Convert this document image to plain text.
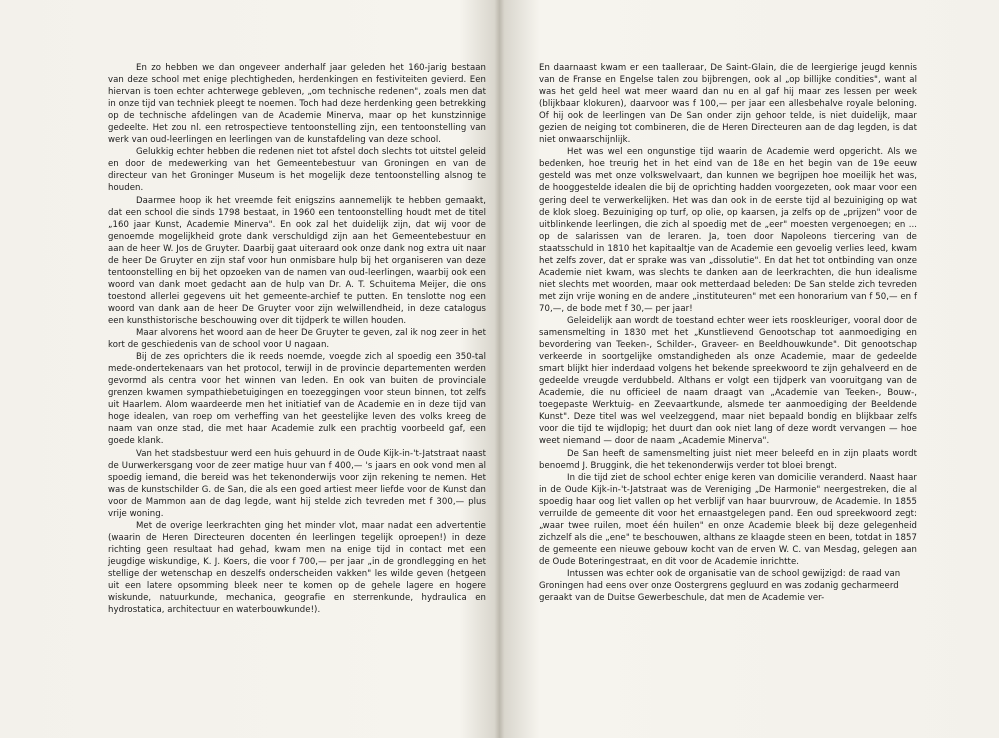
En zo hebben we dan ongeveer anderhalf jaar geleden het 160-jarig bestaan van deze school met enige plechtigheden, herdenkingen en festiviteiten gevierd. Een hiervan is toen echter achterwege gebleven, „om technische redenen", zoals men dat in onze tijd van techniek pleegt te noemen. Toch had deze herdenking geen betrekking op de technische afdelingen van de Academie Minerva, maar op het kunstzinnige gedeelte. Het zou nl. een retrospectieve tentoonstelling zijn, een tentoonstelling van werk van oud-leerlingen en leerlingen van de kunstafdeling van deze school.

Gelukkig echter hebben die redenen niet tot afstel doch slechts tot uitstel geleid en door de medewerking van het Gemeentebestuur van Groningen en van de directeur van het Groninger Museum is het mogelijk deze tentoonstelling alsnog te houden.

Daarmee hoop ik het vreemde feit enigszins aannemelijk te hebben gemaakt, dat een school die sinds 1798 bestaat, in 1960 een tentoonstelling houdt met de titel „160 jaar Kunst, Academie Minerva". En ook zal het duidelijk zijn, dat wij voor de genoemde mogelijkheid grote dank verschuldigd zijn aan het Gemeentebestuur en aan de heer W. Jos de Gruyter. Daarbij gaat uiteraard ook onze dank nog extra uit naar de heer De Gruyter en zijn staf voor hun onmisbare hulp bij het organiseren van deze tentoonstelling en bij het opzoeken van de namen van oud-leerlingen, waarbij ook een woord van dank moet gedacht aan de hulp van Dr. A. T. Schuitema Meijer, die ons toestond allerlei gegevens uit het gemeente-archief te putten. En tenslotte nog een woord van dank aan de heer De Gruyter voor zijn welwillendheid, in deze catalogus een kunsthistorische beschouwing over dit tijdperk te willen houden.

Maar alvorens het woord aan de heer De Gruyter te geven, zal ik nog zeer in het kort de geschiedenis van de school voor U nagaan.

Bij de zes oprichters die ik reeds noemde, voegde zich al spoedig een 350-tal mede-ondertekenaars van het protocol, terwijl in de provincie departementen werden gevormd als centra voor het winnen van leden. En ook van buiten de provinciale grenzen kwamen sympathiebetuigingen en toezeggingen voor steun binnen, tot zelfs uit Haarlem. Alom waardeerde men het initiatief van de Academie en in deze tijd van hoge idealen, van roep om verheffing van het geestelijke leven des volks kreeg de naam van onze stad, die met haar Academie zulk een prachtig voorbeeld gaf, een goede klank.

Van het stadsbestuur werd een huis gehuurd in de Oude Kijk-in-'t-Jatstraat naast de Uurwerkersgang voor de zeer matige huur van f 400,— 's jaars en ook vond men al spoedig iemand, die bereid was het tekenonderwijs voor zijn rekening te nemen. Het was de kunstschilder G. de San, die als een goed artiest meer liefde voor de Kunst dan voor de Mammon aan de dag legde, want hij stelde zich tevreden met f 300,— plus vrije woning.

Met de overige leerkrachten ging het minder vlot, maar nadat een advertentie (waarin de Heren Directeuren docenten én leerlingen tegelijk oproepen!) in deze richting geen resultaat had gehad, kwam men na enige tijd in contact met een jeugdige wiskundige, K. J. Koers, die voor f 700,— per jaar „in de grondlegging en het stellige der wetenschap en deszelfs onderscheiden vakken" les wilde geven (hetgeen uit een latere opsomming bleek neer te komen op de gehele lagere en hogere wiskunde, natuurkunde, mechanica, geografie en sterrenkunde, hydraulica en hydrostatica, architectuur en waterbouwkunde!).

En daarnaast kwam er een taalleraar, De Saint-Glain, die de leergierige jeugd kennis van de Franse en Engelse talen zou bijbrengen, ook al „op billijke condities", want al was het geld heel wat meer waard dan nu en al gaf hij maar zes lessen per week (blijkbaar klokuren), daarvoor was f 100,— per jaar een allesbehalve royale beloning. Of hij ook de leerlingen van De San onder zijn gehoor telde, is niet duidelijk, maar gezien de neiging tot combineren, die de Heren Directeuren aan de dag legden, is dat niet onwaarschijnlijk.

Het was wel een ongunstige tijd waarin de Academie werd opgericht. Als we bedenken, hoe treurig het in het eind van de 18e en het begin van de 19e eeuw gesteld was met onze volkswelvaart, dan kunnen we begrijpen hoe moeilijk het was, de hooggestelde idealen die bij de oprichting hadden voorgezeten, ook maar voor een gering deel te verwerkelijken. Het was dan ook in de eerste tijd al bezuiniging op wat de klok sloeg. Bezuiniging op turf, op olie, op kaarsen, ja zelfs op de „prijzen" voor de uitblinkende leerlingen, die zich al spoedig met de „eer" moesten vergenoegen; en ... op de salarissen van de leraren. Ja, toen door Napoleons tiercering van de staatsschuld in 1810 het kapitaaltje van de Academie een gevoelig verlies leed, kwam het zelfs zover, dat er sprake was van „dissolutie". En dat het tot ontbinding van onze Academie niet kwam, was slechts te danken aan de leerkrachten, die hun idealisme niet slechts met woorden, maar ook metterdaad beleden: De San stelde zich tevreden met zijn vrije woning en de andere „instituteuren" met een honorarium van f 50,— en f 70,—, de bode met f 30,— per jaar!

Geleidelijk aan wordt de toestand echter weer iets rooskleuriger, vooral door de samensmelting in 1830 met het „Kunstlievend Genootschap tot aanmoediging en bevordering van Teeken-, Schilder-, Graveer- en Beeldhouwkunde". Dit genootschap verkeerde in soortgelijke omstandigheden als onze Academie, maar de gedeelde smart blijkt hier inderdaad volgens het bekende spreekwoord te zijn gehalveerd en de gedeelde vreugde verdubbeld. Althans er volgt een tijdperk van vooruitgang van de Academie, die nu officieel de naam draagt van „Academie van Teeken-, Bouw-, toegepaste Werktuig- en Zeevaartkunde, alsmede ter aanmoediging der Beeldende Kunst". Deze titel was wel veelzeggend, maar niet bepaald bondig en blijkbaar zelfs voor die tijd te wijdlopig; het duurt dan ook niet lang of deze wordt vervangen — hoe weet niemand — door de naam „Academie Minerva".

De San heeft de samensmelting juist niet meer beleefd en in zijn plaats wordt benoemd J. Bruggink, die het tekenonderwijs verder tot bloei brengt.

In die tijd ziet de school echter enige keren van domicilie veranderd. Naast haar in de Oude Kijk-in-'t-Jatstraat was de Vereniging „De Harmonie" neergestreken, die al spoedig haar oog liet vallen op het verblijf van haar buurvrouw, de Academie. In 1855 verruilde de gemeente dit voor het ernaastgelegen pand. Een oud spreekwoord zegt: „waar twee ruilen, moet één huilen" en onze Academie bleek bij deze gelegenheid zichzelf als die „ene" te beschouwen, althans ze klaagde steen en been, totdat in 1857 de gemeente een nieuwe gebouw kocht van de erven W. C. van Mesdag, gelegen aan de Oude Boteringestraat, en dit voor de Academie inrichtte.

Intussen was echter ook de organisatie van de school gewijzigd: de raad van Groningen had eens over onze Oostergrens gegluurd en was zodanig gecharmeerd geraakt van de Duitse Gewerbeschule, dat men de Academie ver-
